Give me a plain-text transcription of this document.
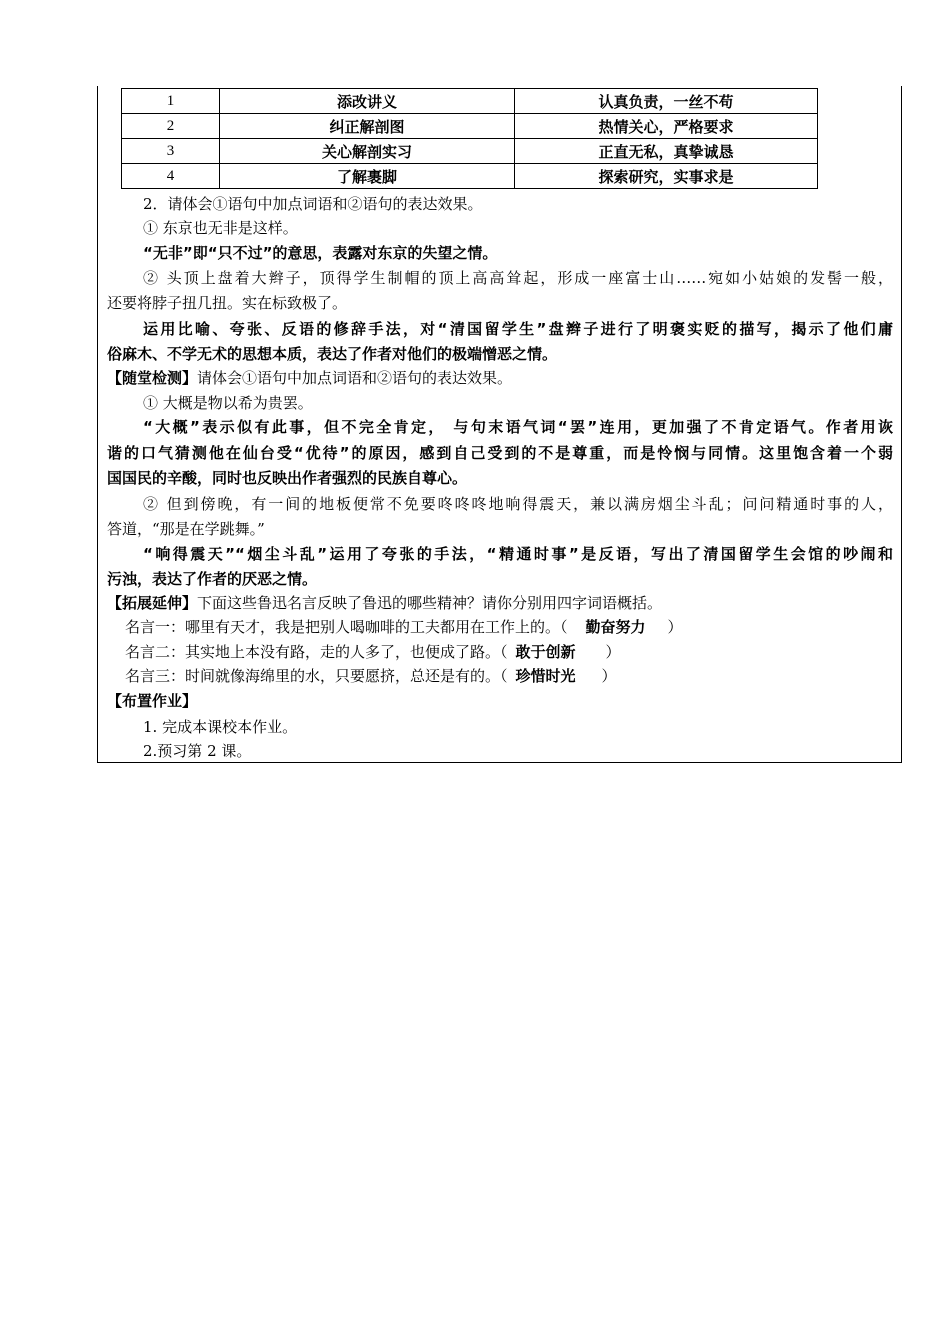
1	添改讲义	认真负责，一丝不苟
2	纠正解剖图	热情关心，严格要求
3	关心解剖实习	正直无私，真挚诚恳
4	了解裹脚	探索研究，实事求是
2．请体会①语句中加点词语和②语句的表达效果。
① 东京也无非是这样。
“无非”即“只不过”的意思，表露对东京的失望之情。
② 头顶上盘着大辫子，顶得学生制帽的顶上高高耸起，形成一座富士山……宛如小姑娘的发髻一般，
还要将脖子扭几扭。实在标致极了。
运用比喻、夸张、反语的修辞手法，对“清国留学生”盘辫子进行了明褒实贬的描写，揭示了他们庸
俗麻木、不学无术的思想本质，表达了作者对他们的极端憎恶之情。
【随堂检测】请体会①语句中加点词语和②语句的表达效果。
① 大概是物以希为贵罢。
“大概”表示似有此事，但不完全肯定， 与句末语气词“罢”连用，更加强了不肯定语气。作者用诙
谐的口气猜测他在仙台受“优待”的原因，感到自己受到的不是尊重，而是怜悯与同情。这里饱含着一个弱
国国民的辛酸，同时也反映出作者强烈的民族自尊心。
② 但到傍晚，有一间的地板便常不免要咚咚咚地响得震天，兼以满房烟尘斗乱；问问精通时事的人，
答道，“那是在学跳舞。”
“响得震天”“烟尘斗乱”运用了夸张的手法，“精通时事”是反语，写出了清国留学生会馆的吵闹和
污浊，表达了作者的厌恶之情。
【拓展延伸】下面这些鲁迅名言反映了鲁迅的哪些精神？请你分别用四字词语概括。
名言一：哪里有天才，我是把别人喝咖啡的工夫都用在工作上的。（ 勤奋努力 ）
名言二：其实地上本没有路，走的人多了，也便成了路。（ 敢于创新 ）
名言三：时间就像海绵里的水，只要愿挤，总还是有的。（ 珍惜时光 ）
【布置作业】
1. 完成本课校本作业。
2.预习第 2 课。
